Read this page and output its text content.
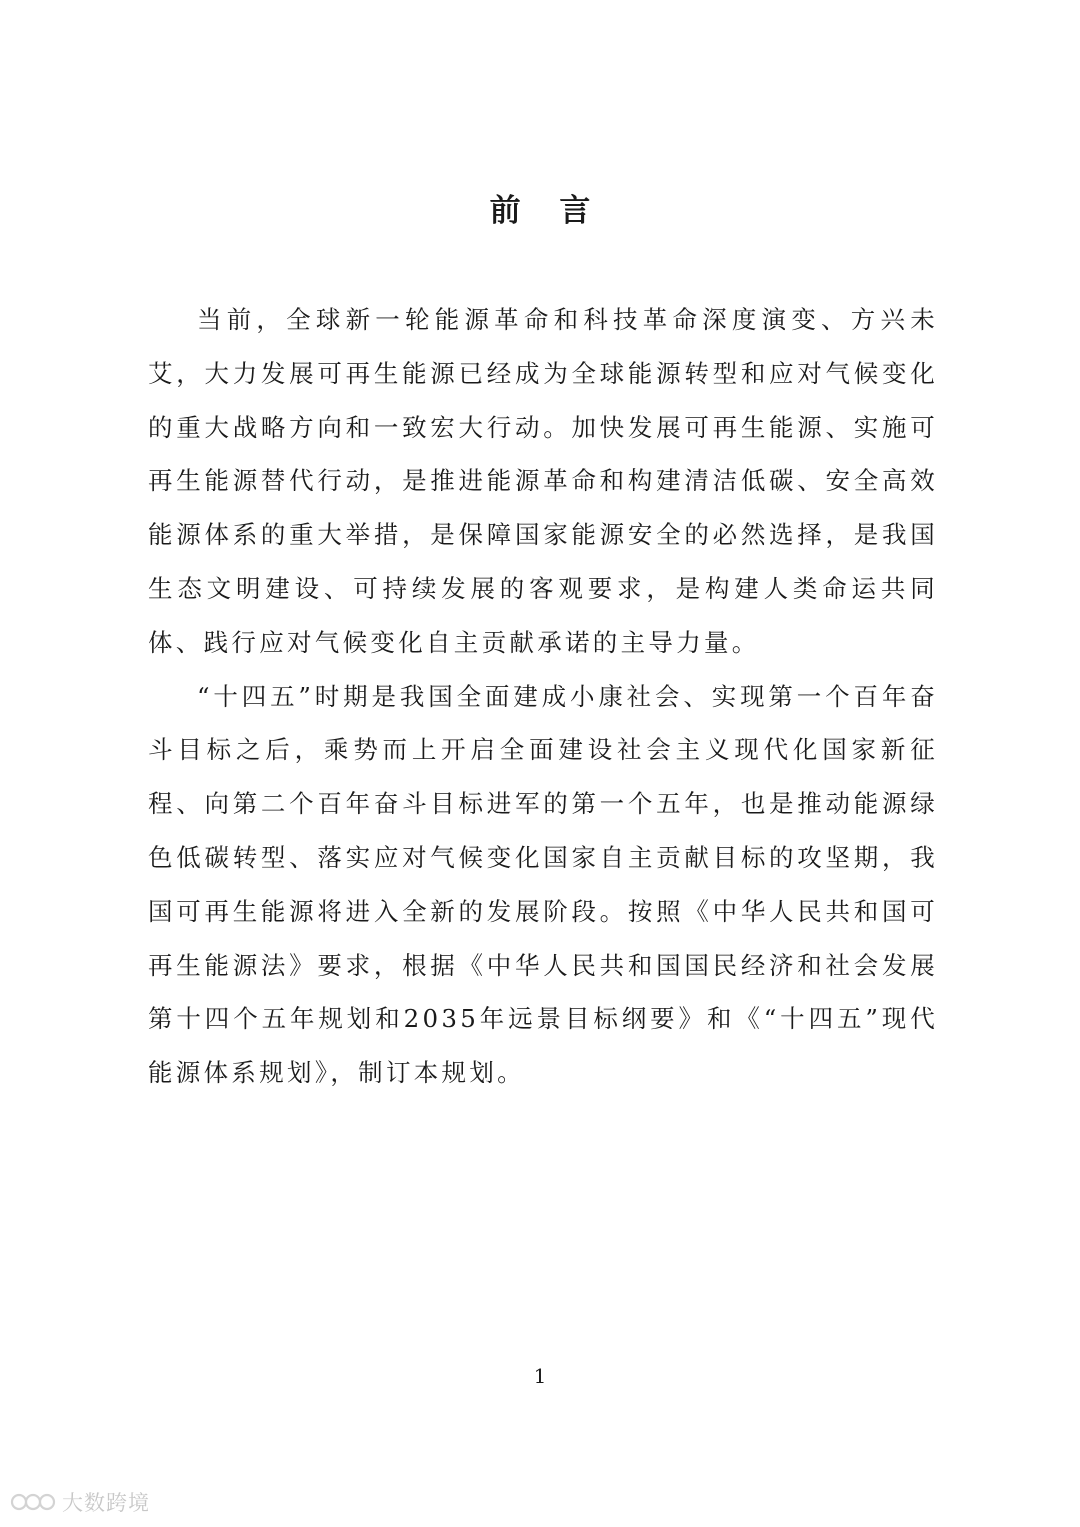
前 言

当前，全球新一轮能源革命和科技革命深度演变、方兴未艾，大力发展可再生能源已经成为全球能源转型和应对气候变化的重大战略方向和一致宏大行动。加快发展可再生能源、实施可再生能源替代行动，是推进能源革命和构建清洁低碳、安全高效能源体系的重大举措，是保障国家能源安全的必然选择，是我国生态文明建设、可持续发展的客观要求，是构建人类命运共同体、践行应对气候变化自主贡献承诺的主导力量。

“十四五”时期是我国全面建成小康社会、实现第一个百年奋斗目标之后，乘势而上开启全面建设社会主义现代化国家新征程、向第二个百年奋斗目标进军的第一个五年，也是推动能源绿色低碳转型、落实应对气候变化国家自主贡献目标的攻坚期，我国可再生能源将进入全新的发展阶段。按照《中华人民共和国可再生能源法》要求，根据《中华人民共和国国民经济和社会发展第十四个五年规划和2035年远景目标纲要》和《“十四五”现代能源体系规划》，制订本规划。

1
大数跨境
